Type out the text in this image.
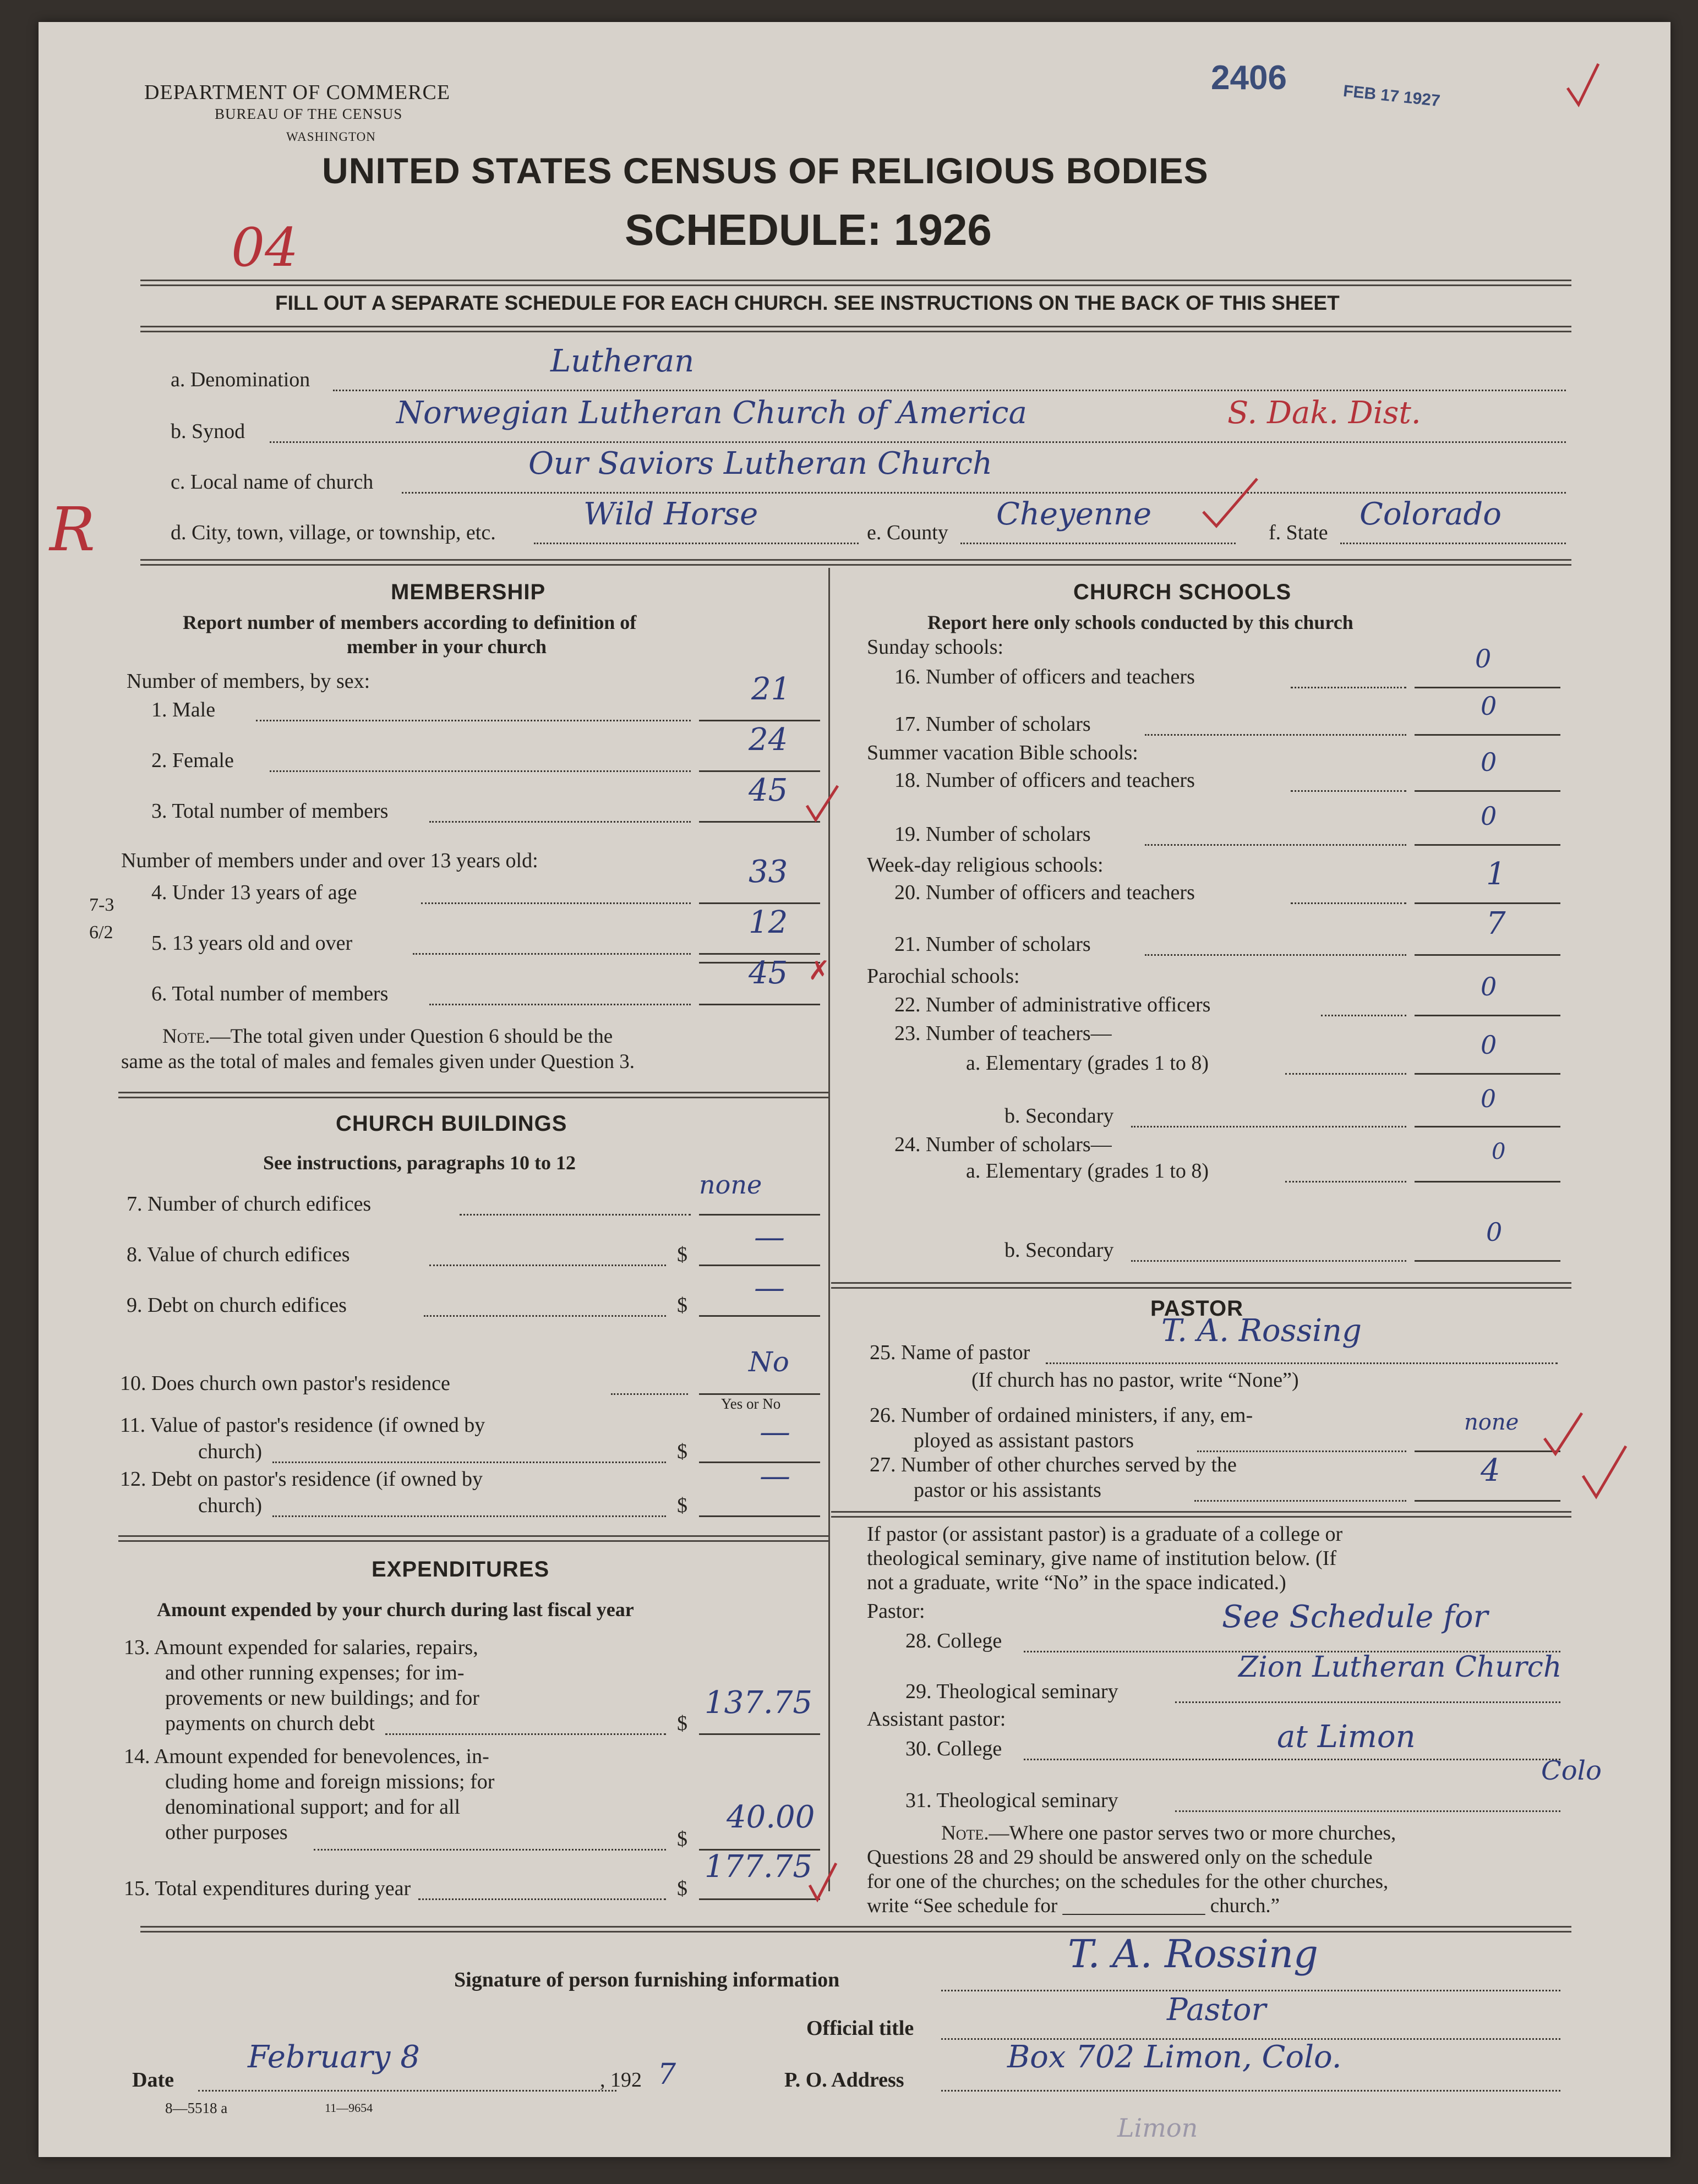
DEPARTMENT OF COMMERCE
BUREAU OF THE CENSUS
WASHINGTON
2406	FEB 17 1927
UNITED STATES CENSUS OF RELIGIOUS BODIES
SCHEDULE: 1926
04
FILL OUT A SEPARATE SCHEDULE FOR EACH CHURCH. SEE INSTRUCTIONS ON THE BACK OF THIS SHEET
a. Denomination
Lutheran
b. Synod
Norwegian Lutheran Church of America	S. Dak. Dist.
c. Local name of church
Our Saviors Lutheran Church
R	d. City, town, village, or township, etc.
Wild Horse
e. County
Cheyenne
f. State
Colorado
MEMBERSHIP
Report number of members according to definition of
member in your church
Number of members, by sex:
1. Male
21
2. Female
24
3. Total number of members
45
Number of members under and over 13 years old:
7-3
6/2
4. Under 13 years of age
33
5. 13 years old and over
12
6. Total number of members
45 ✗
Note.—The total given under Question 6 should be the
same as the total of males and females given under Question 3.
CHURCH BUILDINGS
See instructions, paragraphs 10 to 12
7. Number of church edifices
none
8. Value of church edifices	$ —
9. Debt on church edifices	$ —
10. Does church own pastor's residence
No
Yes or No
11. Value of pastor's residence (if owned by
church)	$
—
12. Debt on pastor's residence (if owned by
church)	$
—
EXPENDITURES
Amount expended by your church during last fiscal year
13. Amount expended for salaries, repairs,
and other running expenses; for im-
provements or new buildings; and for
payments on church debt	$
137.75
14. Amount expended for benevolences, in-
cluding home and foreign missions; for
denominational support; and for all
other purposes	$
40.00
15. Total expenditures during year	$
177.75
CHURCH SCHOOLS
Report here only schools conducted by this church
Sunday schools:
16. Number of officers and teachers
0
17. Number of scholars
0
Summer vacation Bible schools:
18. Number of officers and teachers
0
19. Number of scholars
0
Week-day religious schools:
20. Number of officers and teachers
1
21. Number of scholars
7
Parochial schools:
22. Number of administrative officers
0
23. Number of teachers—
a. Elementary (grades 1 to 8)
0
b. Secondary
0
24. Number of scholars—
a. Elementary (grades 1 to 8)
0
b. Secondary
0
PASTOR
25. Name of pastor
T. A. Rossing
(If church has no pastor, write “None”)
26. Number of ordained ministers, if any, em-
ployed as assistant pastors
none
27. Number of other churches served by the
pastor or his assistants
4
If pastor (or assistant pastor) is a graduate of a college or
theological seminary, give name of institution below. (If
not a graduate, write “No” in the space indicated.)
Pastor:
28. College
See Schedule for
29. Theological seminary
Zion Lutheran Church
Assistant pastor:
30. College	at Limon
31. Theological seminary
Colo
Note.—Where one pastor serves two or more churches,
Questions 28 and 29 should be answered only on the schedule
for one of the churches; on the schedules for the other churches,
write “See schedule for ______________ church.”
Signature of person furnishing information
T. A. Rossing
Official title
Pastor
Date
February 8
, 192 7	P. O. Address
Box 702 Limon, Colo.
8—5518 a	11—9654
Limon
